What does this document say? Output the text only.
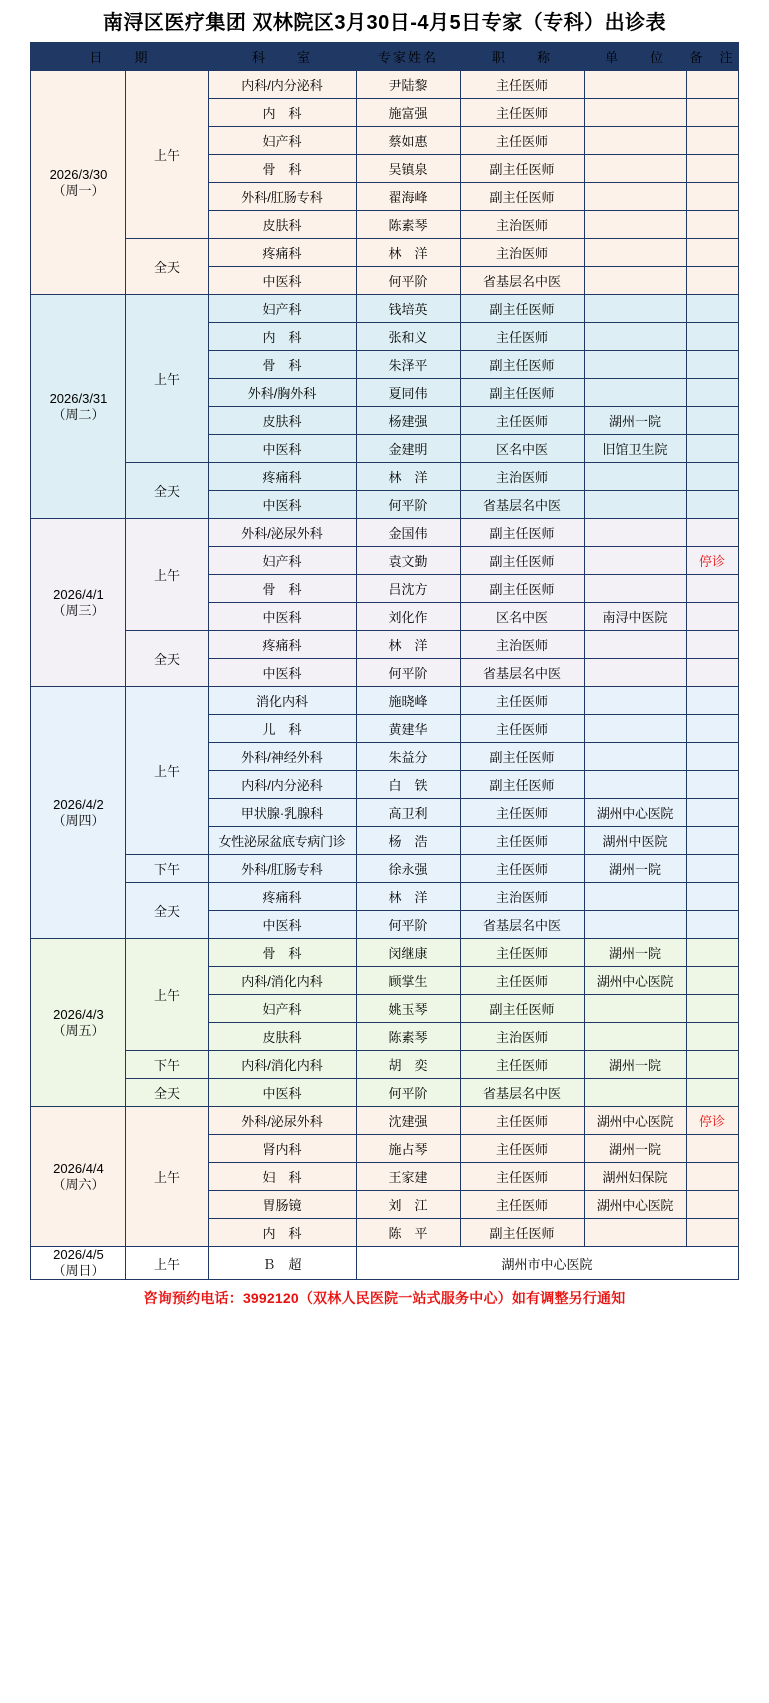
南浔区医疗集团 双林院区3月30日-4月5日专家（专科）出诊表
日　　期		科　　室	专家姓名	职　　称	单　　位	备　注

2026/3/30
（周一）	上午	内科/内分泌科	尹陆黎	主任医师		
		内　科	施富强	主任医师		
		妇产科	蔡如惠	主任医师		
		骨　科	吴镇泉	副主任医师		
		外科/肛肠专科	翟海峰	副主任医师		
		皮肤科	陈素琴	主治医师		
	全天	疼痛科	林　洋	主治医师		
		中医科	何平阶	省基层名中医		

2026/3/31
（周二）	上午	妇产科	钱培英	副主任医师		
		内　科	张和义	主任医师		
		骨　科	朱泽平	副主任医师		
		外科/胸外科	夏同伟	副主任医师		
		皮肤科	杨建强	主任医师	湖州一院	
		中医科	金建明	区名中医	旧馆卫生院	
	全天	疼痛科	林　洋	主治医师		
		中医科	何平阶	省基层名中医		

2026/4/1
（周三）	上午	外科/泌尿外科	金国伟	副主任医师		
		妇产科	袁文勤	副主任医师		停诊
		骨　科	吕沈方	副主任医师		
		中医科	刘化作	区名中医	南浔中医院	
	全天	疼痛科	林　洋	主治医师		
		中医科	何平阶	省基层名中医		

2026/4/2
（周四）	上午	消化内科	施晓峰	主任医师		
		儿　科	黄建华	主任医师		
		外科/神经外科	朱益分	副主任医师		
		内科/内分泌科	白　铁	副主任医师		
		甲状腺·乳腺科	高卫利	主任医师	湖州中心医院	
		女性泌尿盆底专病门诊	杨　浩	主任医师	湖州中医院	
	下午	外科/肛肠专科	徐永强	主任医师	湖州一院	
	全天	疼痛科	林　洋	主治医师		
		中医科	何平阶	省基层名中医		

2026/4/3
（周五）	上午	骨　科	闵继康	主任医师	湖州一院	
		内科/消化内科	顾掌生	主任医师	湖州中心医院	
		妇产科	姚玉琴	副主任医师		
		皮肤科	陈素琴	主治医师		
	下午	内科/消化内科	胡　奕	主任医师	湖州一院	
	全天	中医科	何平阶	省基层名中医		

2026/4/4
（周六）	上午	外科/泌尿外科	沈建强	主任医师	湖州中心医院	停诊
		肾内科	施占琴	主任医师	湖州一院	
		妇　科	王家建	主任医师	湖州妇保院	
		胃肠镜	刘　江	主任医师	湖州中心医院	
		内　科	陈　平	副主任医师		

2026/4/5
（周日）	上午	Ｂ　超	湖州市中心医院			
咨询预约电话：3992120（双林人民医院一站式服务中心）如有调整另行通知
